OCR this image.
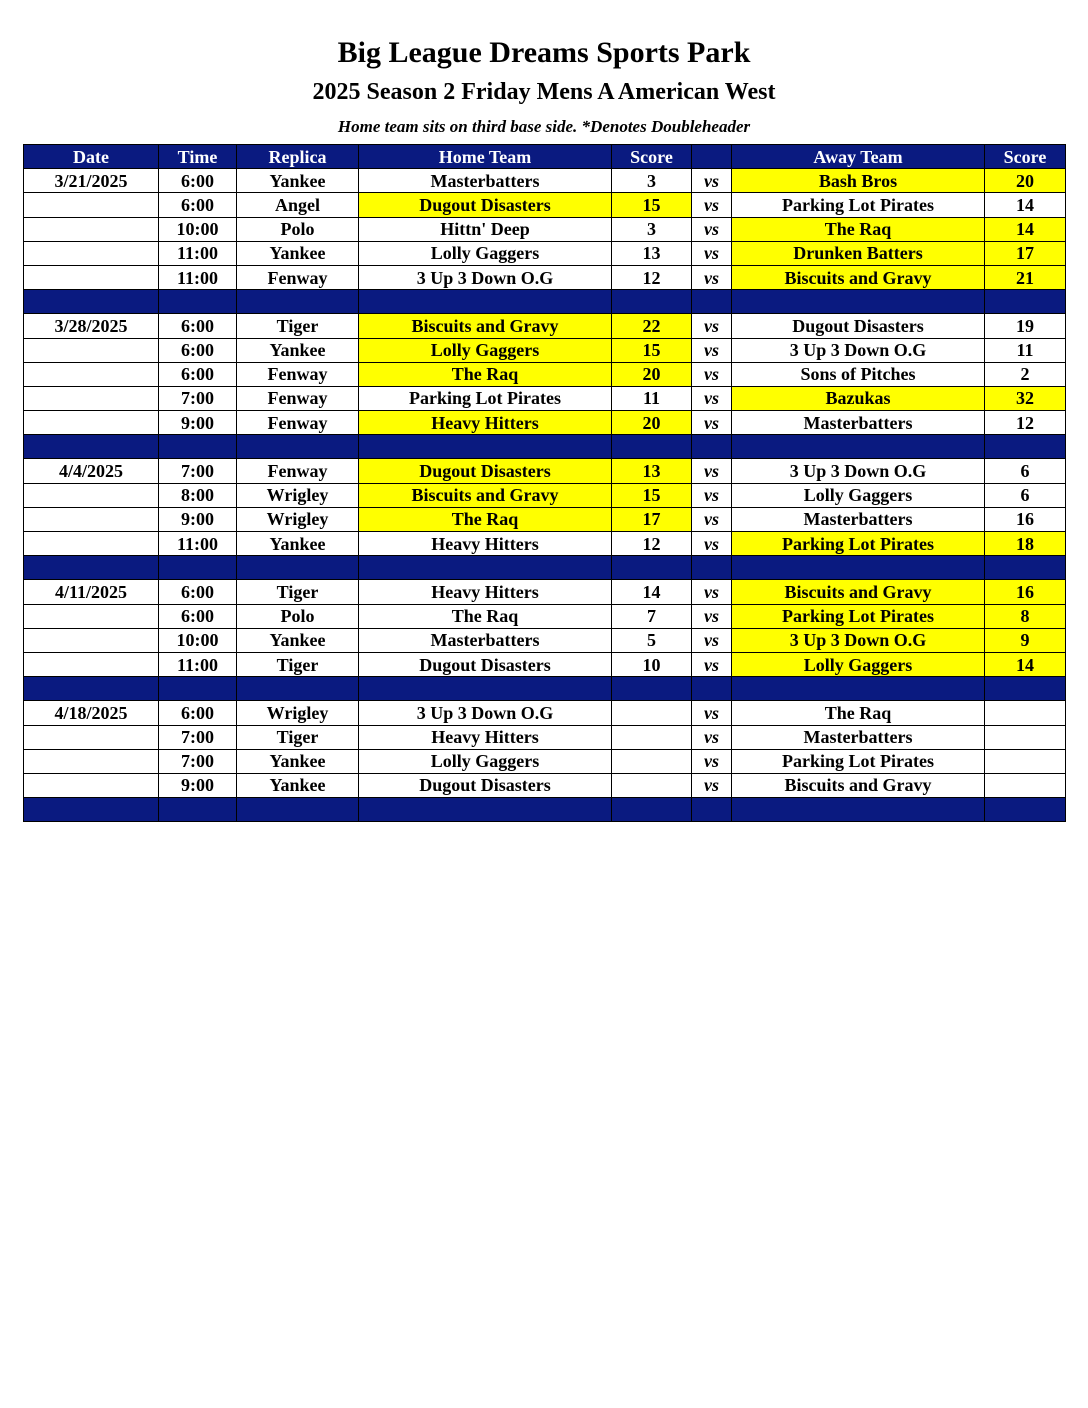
Big League Dreams Sports Park
2025 Season 2 Friday Mens A American West
Home team sits on third base side. *Denotes Doubleheader
Date	Time	Replica	Home Team	Score		Away Team	Score
3/21/2025	6:00	Yankee	Masterbatters	3	vs	Bash Bros	20
	6:00	Angel	Dugout Disasters	15	vs	Parking Lot Pirates	14
	10:00	Polo	Hittn' Deep	3	vs	The Raq	14
	11:00	Yankee	Lolly Gaggers	13	vs	Drunken Batters	17
	11:00	Fenway	3 Up 3 Down O.G	12	vs	Biscuits and Gravy	21

3/28/2025	6:00	Tiger	Biscuits and Gravy	22	vs	Dugout Disasters	19
	6:00	Yankee	Lolly Gaggers	15	vs	3 Up 3 Down O.G	11
	6:00	Fenway	The Raq	20	vs	Sons of Pitches	2
	7:00	Fenway	Parking Lot Pirates	11	vs	Bazukas	32
	9:00	Fenway	Heavy Hitters	20	vs	Masterbatters	12

4/4/2025	7:00	Fenway	Dugout Disasters	13	vs	3 Up 3 Down O.G	6
	8:00	Wrigley	Biscuits and Gravy	15	vs	Lolly Gaggers	6
	9:00	Wrigley	The Raq	17	vs	Masterbatters	16
	11:00	Yankee	Heavy Hitters	12	vs	Parking Lot Pirates	18

4/11/2025	6:00	Tiger	Heavy Hitters	14	vs	Biscuits and Gravy	16
	6:00	Polo	The Raq	7	vs	Parking Lot Pirates	8
	10:00	Yankee	Masterbatters	5	vs	3 Up 3 Down O.G	9
	11:00	Tiger	Dugout Disasters	10	vs	Lolly Gaggers	14

4/18/2025	6:00	Wrigley	3 Up 3 Down O.G		vs	The Raq	
	7:00	Tiger	Heavy Hitters		vs	Masterbatters	
	7:00	Yankee	Lolly Gaggers		vs	Parking Lot Pirates	
	9:00	Yankee	Dugout Disasters		vs	Biscuits and Gravy	
